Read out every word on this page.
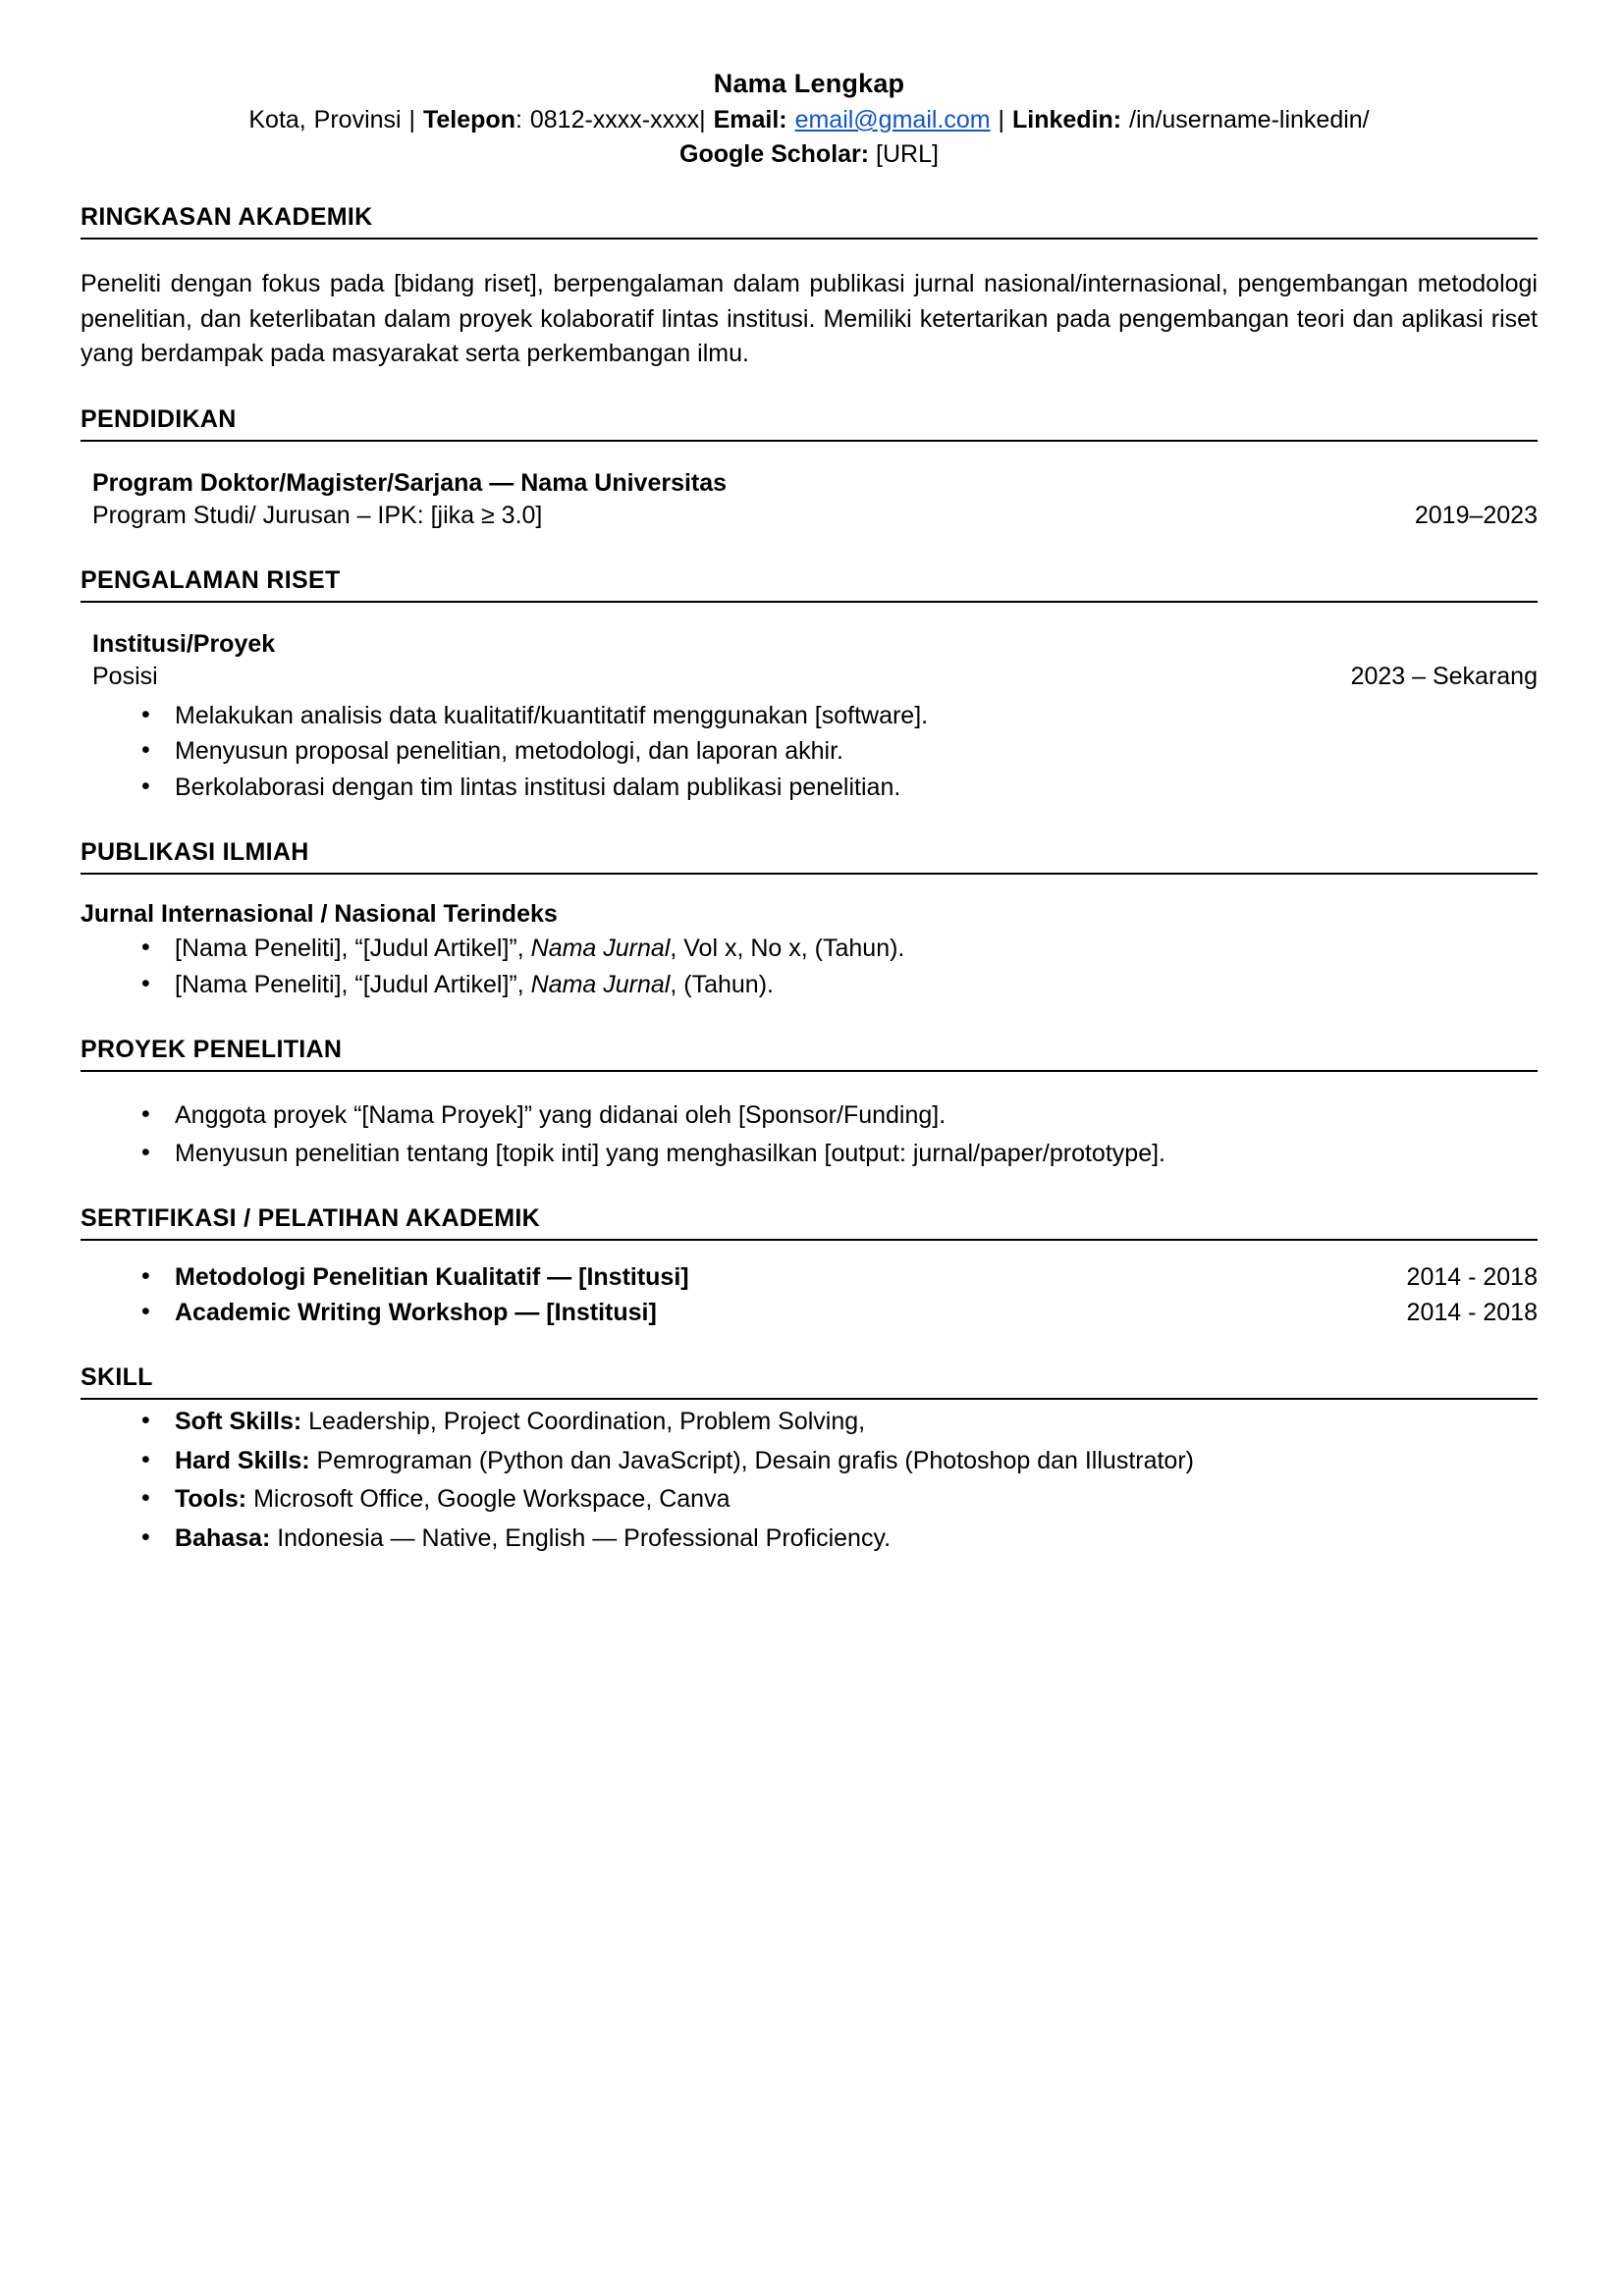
Nama Lengkap
Kota, Provinsi | Telepon: 0812-xxxx-xxxx| Email: email@gmail.com | Linkedin: /in/username-linkedin/
Google Scholar: [URL]
RINGKASAN AKADEMIK
Peneliti dengan fokus pada [bidang riset], berpengalaman dalam publikasi jurnal nasional/internasional, pengembangan metodologi penelitian, dan keterlibatan dalam proyek kolaboratif lintas institusi. Memiliki ketertarikan pada pengembangan teori dan aplikasi riset yang berdampak pada masyarakat serta perkembangan ilmu.
PENDIDIKAN
Program Doktor/Magister/Sarjana — Nama Universitas
Program Studi/ Jurusan – IPK: [jika ≥ 3.0]	2019–2023
PENGALAMAN RISET
Institusi/Proyek
Posisi	2023 – Sekarang
• Melakukan analisis data kualitatif/kuantitatif menggunakan [software].
• Menyusun proposal penelitian, metodologi, dan laporan akhir.
• Berkolaborasi dengan tim lintas institusi dalam publikasi penelitian.
PUBLIKASI ILMIAH
Jurnal Internasional / Nasional Terindeks
• [Nama Peneliti], “[Judul Artikel]”, Nama Jurnal, Vol x, No x, (Tahun).
• [Nama Peneliti], “[Judul Artikel]”, Nama Jurnal, (Tahun).
PROYEK PENELITIAN
• Anggota proyek “[Nama Proyek]” yang didanai oleh [Sponsor/Funding].
• Menyusun penelitian tentang [topik inti] yang menghasilkan [output: jurnal/paper/prototype].
SERTIFIKASI / PELATIHAN AKADEMIK
• Metodologi Penelitian Kualitatif — [Institusi]	2014 - 2018
• Academic Writing Workshop — [Institusi]	2014 - 2018
SKILL
• Soft Skills: Leadership, Project Coordination, Problem Solving,
• Hard Skills: Pemrograman (Python dan JavaScript), Desain grafis (Photoshop dan Illustrator)
• Tools: Microsoft Office, Google Workspace, Canva
• Bahasa: Indonesia — Native, English — Professional Proficiency.
